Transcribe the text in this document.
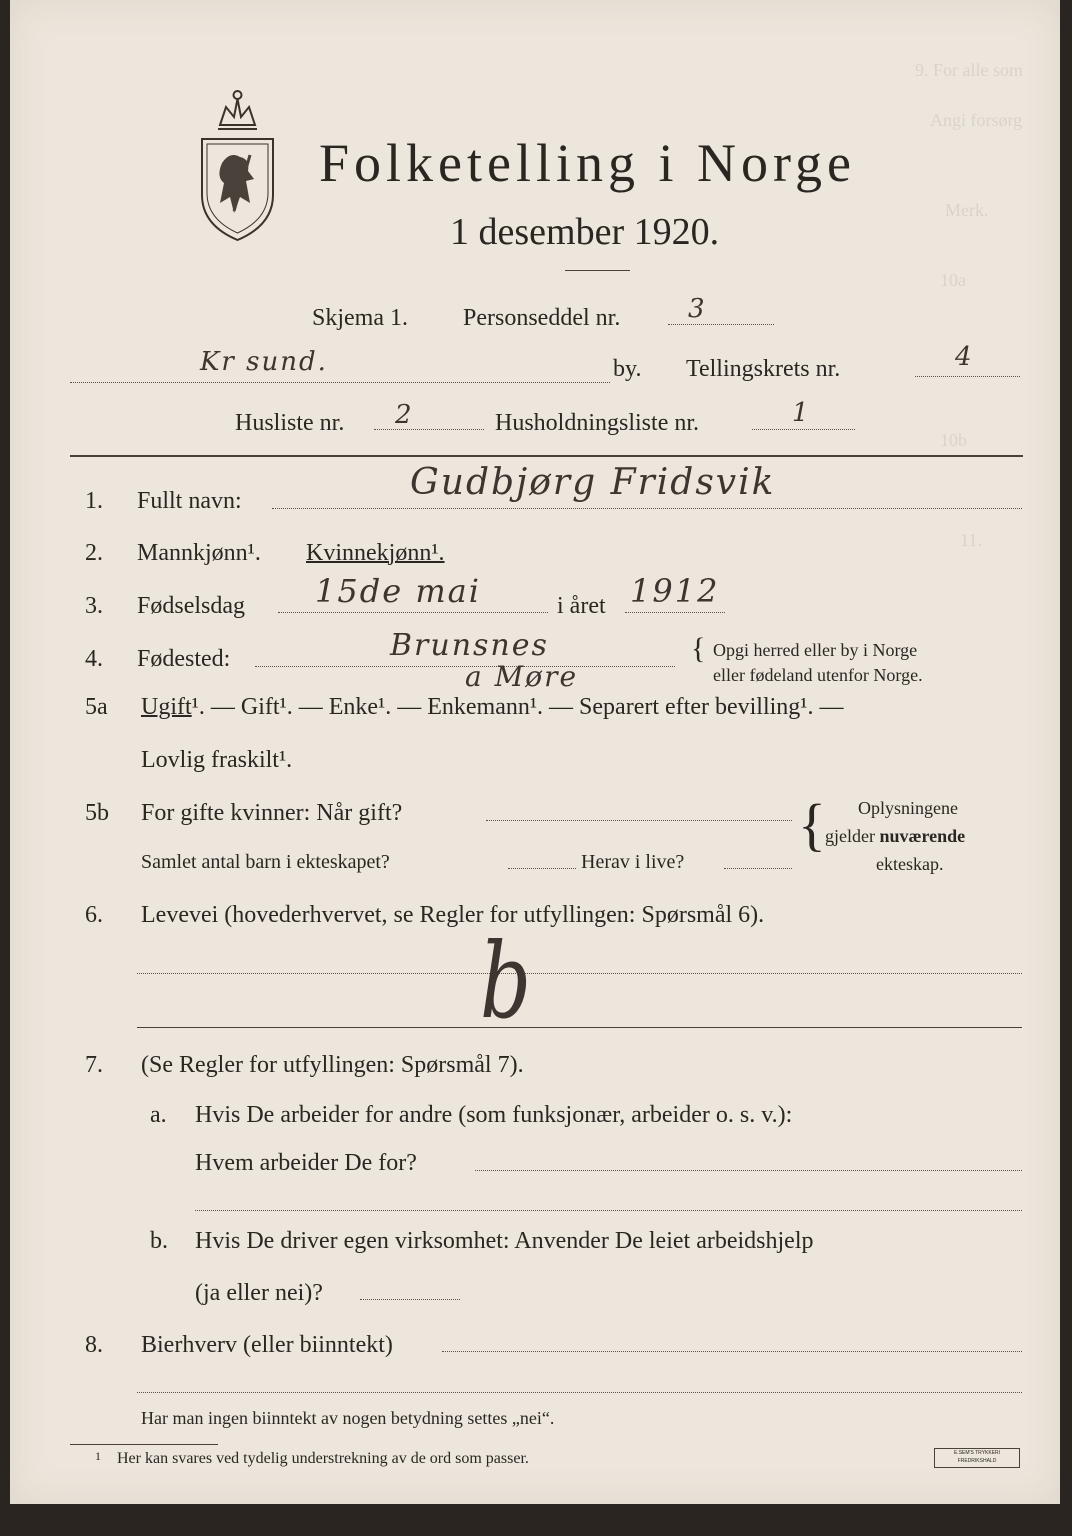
9. For alle som
Angi forsørg
Merk.
10a
10b
11.
Folketelling i Norge
1 desember 1920.
Skjema 1. Personseddel nr.	3
Kr sund.	by. Tellingskrets nr.	4
Husliste nr. 2	Husholdningsliste nr.	1
1. Fullt navn:	Gudbjørg Fridsvik
2. Mannkjønn¹. Kvinnekjønn¹.
3. Fødselsdag 15de mai	i året 1912
4. Fødested:	Brunsnes
a Møre
{ Opgi herred eller by i Norge
eller fødeland utenfor Norge.
5a Ugift¹. — Gift¹. — Enke¹. — Enkemann¹. — Separert efter bevilling¹. —
Lovlig fraskilt¹.
5b For gifte kvinner: Når gift?
Samlet antal barn i ekteskapet?	Herav i live?
{ Oplysningene
gjelder nuværende
ekteskap.
6. Levevei (hovederhvervet, se Regler for utfyllingen: Spørsmål 6).
b
7. (Se Regler for utfyllingen: Spørsmål 7).
a. Hvis De arbeider for andre (som funksjonær, arbeider o. s. v.):
Hvem arbeider De for?
b. Hvis De driver egen virksomhet: Anvender De leiet arbeidshjelp
(ja eller nei)?
8. Bierhverv (eller biinntekt)
Har man ingen biinntekt av nogen betydning settes „nei“.
1 Her kan svares ved tydelig understrekning av de ord som passer.	E.SEM'S TRYKKERI FREDRIKSHALD
